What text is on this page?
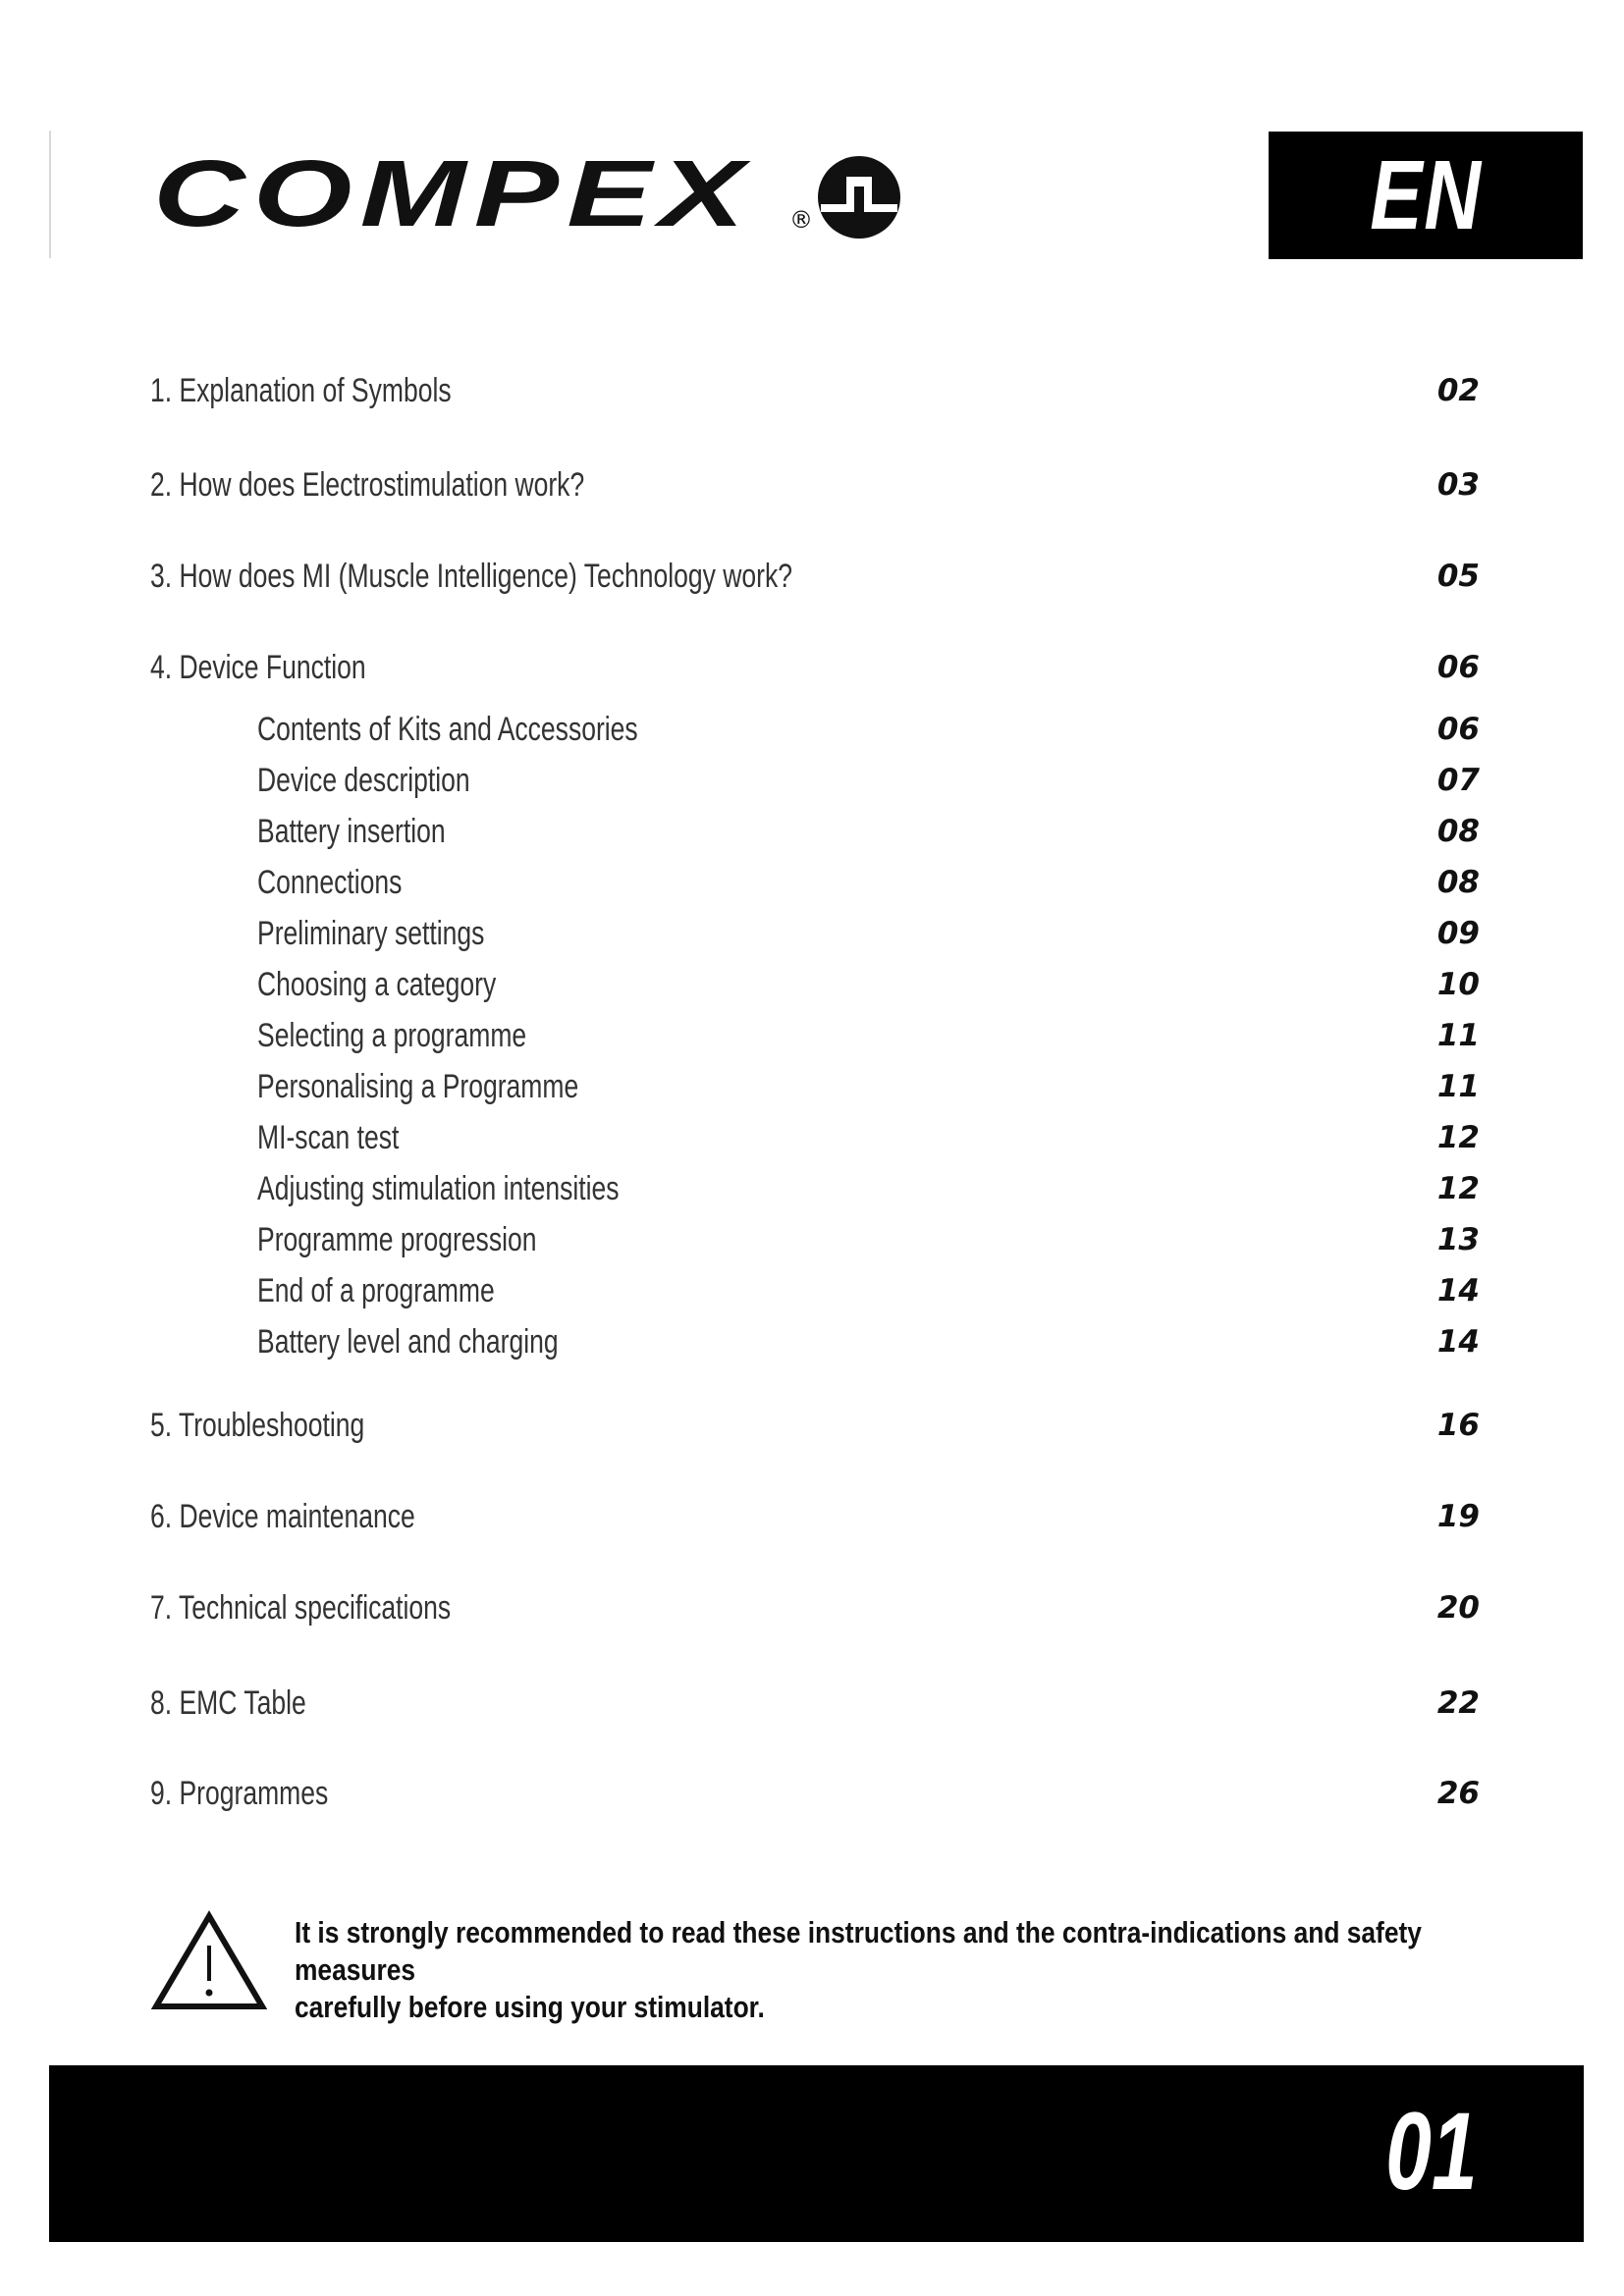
COMPEX ®	EN
1. Explanation of Symbols	02
2. How does Electrostimulation work?	03
3. How does MI (Muscle Intelligence) Technology work?	05
4. Device Function	06
Contents of Kits and Accessories	06
Device description	07
Battery insertion	08
Connections	08
Preliminary settings	09
Choosing a category	10
Selecting a programme	11
Personalising a Programme	11
MI-scan test	12
Adjusting stimulation intensities	12
Programme progression	13
End of a programme	14
Battery level and charging	14
5. Troubleshooting	16
6. Device maintenance	19
7. Technical specifications	20
8. EMC Table	22
9. Programmes	26
It is strongly recommended to read these instructions and the contra-indications and safety measures
carefully before using your stimulator.
01
